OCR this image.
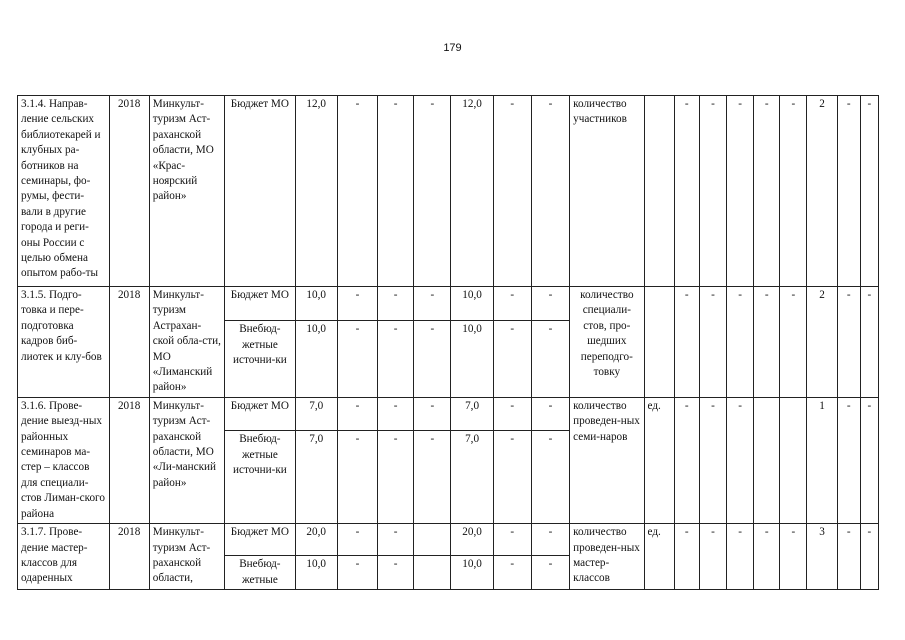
179
3.1.4. Направ-ление сельских библиотекарей и клубных ра-ботников на семинары, фо-румы, фести-вали в другие города и реги-оны России с целью обмена опытом рабо-ты	2018	Минкульт-туризм Аст-раханской области, МО «Крас-ноярский район»	Бюджет МО	12,0	-	-	-	12,0	-	-	количество участников		-	-	-	-	-	2	-	-
3.1.5. Подго-товка и пере-подготовка кадров биб-лиотек и клу-бов	2018	Минкульт-туризм Астрахан-ской обла-сти, МО «Лиманский район»	Бюджет МО	10,0	-	-	-	10,0	-	-	количество специали-стов, про-шедших переподго-товку		-	-	-	-	-	2	-	-
			Внебюд-жетные источни-ки	10,0	-	-	-	10,0	-	-										
3.1.6. Прове-дение выезд-ных районных семинаров ма-стер – классов для специали-стов Лиман-ского района	2018	Минкульт-туризм Аст-раханской области, МО «Ли-манский район»	Бюджет МО	7,0	-	-	-	7,0	-	-	количество проведен-ных семи-наров	ед.	-	-	-			1	-	-
			Внебюд-жетные источни-ки	7,0	-	-	-	7,0	-	-										
3.1.7. Прове-дение мастер-классов для одаренных	2018	Минкульт-туризм Аст-раханской области,	Бюджет МО	20,0	-	-		20,0	-	-	количество проведен-ных мастер-классов	ед.	-	-	-	-	-	3	-	-
			Внебюд-жетные	10,0	-	-		10,0	-	-										
